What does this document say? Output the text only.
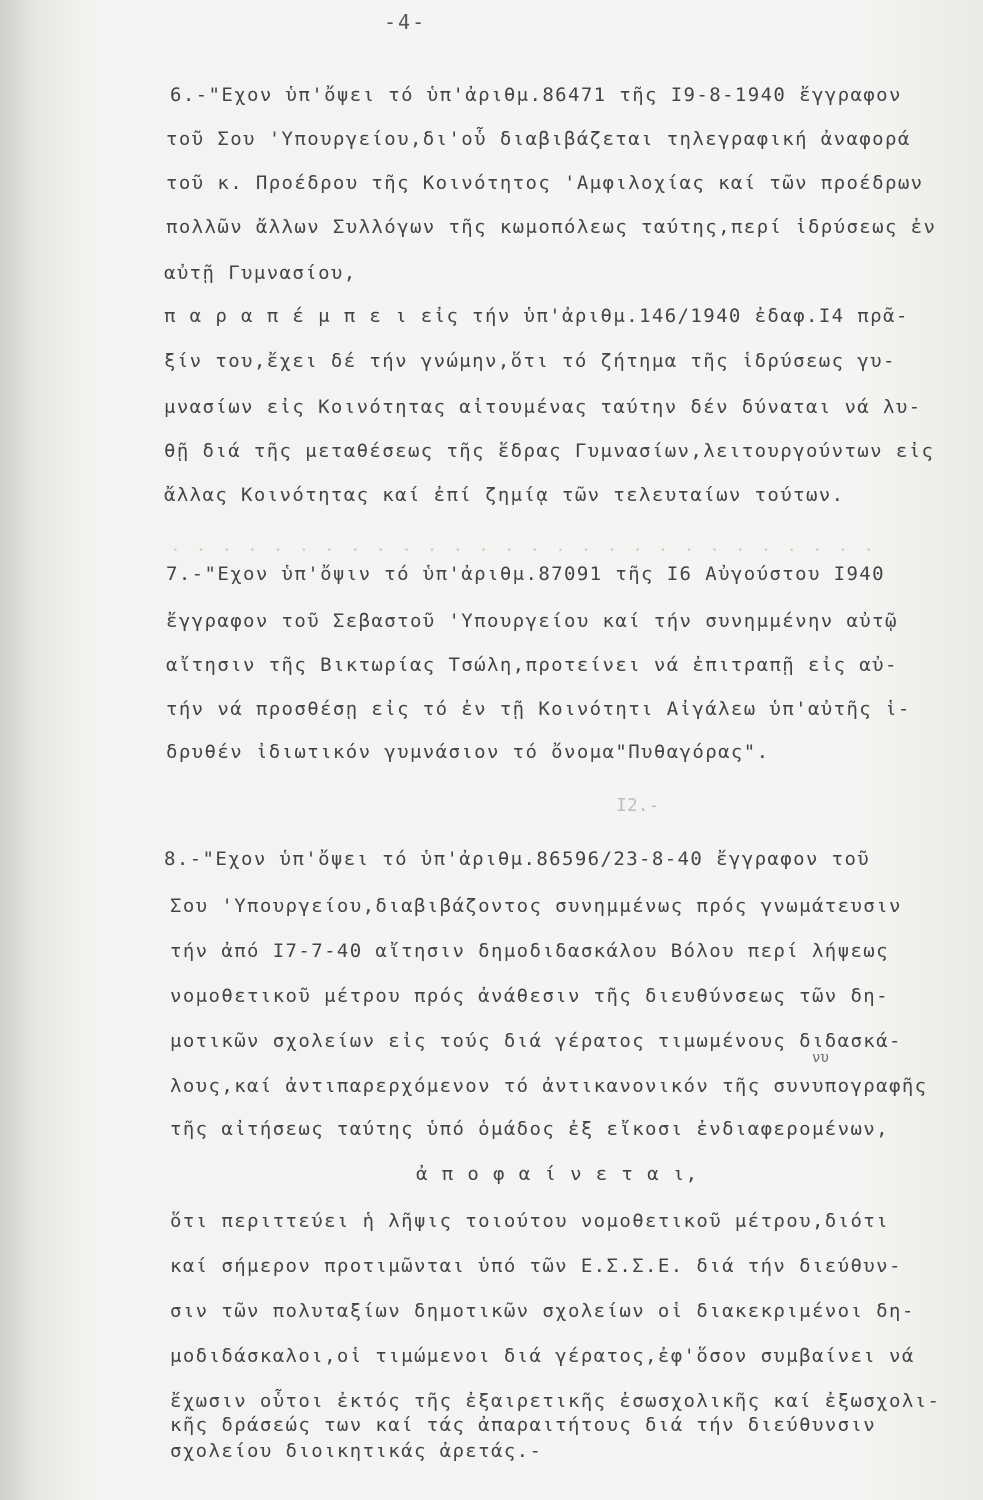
-4-
6.-"Εχον ὑπ'ὄψει τό ὑπ'ἀριθμ.86471 τῆς I9-8-1940 ἔγγραφον
τοῦ Σου 'Υπουργείου,δι'οὗ διαβιβάζεται τηλεγραφική ἀναφορά
τοῦ κ. Προέδρου τῆς Κοινότητος 'Αμφιλοχίας καί τῶν προέδρων
πολλῶν ἄλλων Συλλόγων τῆς κωμοπόλεως ταύτης,περί ἱδρύσεως ἐν
αὐτῇ Γυμνασίου,
π α ρ α π έ μ π ε ι εἰς τήν ὑπ'ἀριθμ.146/1940 ἐδαφ.I4 πρᾶ-
ξίν του,ἔχει δέ τήν γνώμην,ὅτι τό ζήτημα τῆς ἱδρύσεως γυ-
μνασίων εἰς Κοινότητας αἰτουμένας ταύτην δέν δύναται νά λυ-
θῇ διά τῆς μεταθέσεως τῆς ἕδρας Γυμνασίων,λειτουργούντων εἰς
ἄλλας Κοινότητας καί ἐπί ζημίᾳ τῶν τελευταίων τούτων.
· · · · · · · · · · · · · · · · · · · · · · · · · · · ·
7.-"Εχον ὑπ'ὄψιν τό ὑπ'ἀριθμ.87091 τῆς I6 Αὐγούστου I940
ἔγγραφον τοῦ Σεβαστοῦ 'Υπουργείου καί τήν συνημμένην αὐτῷ
αἴτησιν τῆς Βικτωρίας Τσώλη,προτείνει νά ἐπιτραπῇ εἰς αὐ-
τήν νά προσθέσῃ εἰς τό ἐν τῇ Κοινότητι Αἰγάλεω ὑπ'αὐτῆς ἱ-
δρυθέν ἰδιωτικόν γυμνάσιον τό ὄνομα"Πυθαγόρας".
I2.-
8.-"Εχον ὑπ'ὄψει τό ὑπ'ἀριθμ.86596/23-8-40 ἔγγραφον τοῦ
Σου 'Υπουργείου,διαβιβάζοντος συνημμένως πρός γνωμάτευσιν
τήν ἀπό I7-7-40 αἴτησιν δημοδιδασκάλου Βόλου περί λήψεως
νομοθετικοῦ μέτρου πρός ἀνάθεσιν τῆς διευθύνσεως τῶν δη-
μοτικῶν σχολείων εἰς τούς διά γέρατος τιμωμένους διδασκά-
νυ
λους,καί ἀντιπαρερχόμενον τό ἀντικανονικόν τῆς συνυπογραφῆς
τῆς αἰτήσεως ταύτης ὑπό ὁμάδος ἐξ εἴκοσι ἐνδιαφερομένων,
ἀ π ο φ α ί ν ε τ α ι,
ὅτι περιττεύει ἡ λῆψις τοιούτου νομοθετικοῦ μέτρου,διότι
καί σήμερον προτιμῶνται ὑπό τῶν Ε.Σ.Σ.Ε. διά τήν διεύθυν-
σιν τῶν πολυταξίων δημοτικῶν σχολείων οἱ διακεκριμένοι δη-
μοδιδάσκαλοι,οἱ τιμώμενοι διά γέρατος,ἐφ'ὅσον συμβαίνει νά
ἔχωσιν οὗτοι ἐκτός τῆς ἐξαιρετικῆς ἐσωσχολικῆς καί ἐξωσχολι-
κῆς δράσεώς των καί τάς ἀπαραιτήτους διά τήν διεύθυνσιν
σχολείου διοικητικάς ἀρετάς.-
